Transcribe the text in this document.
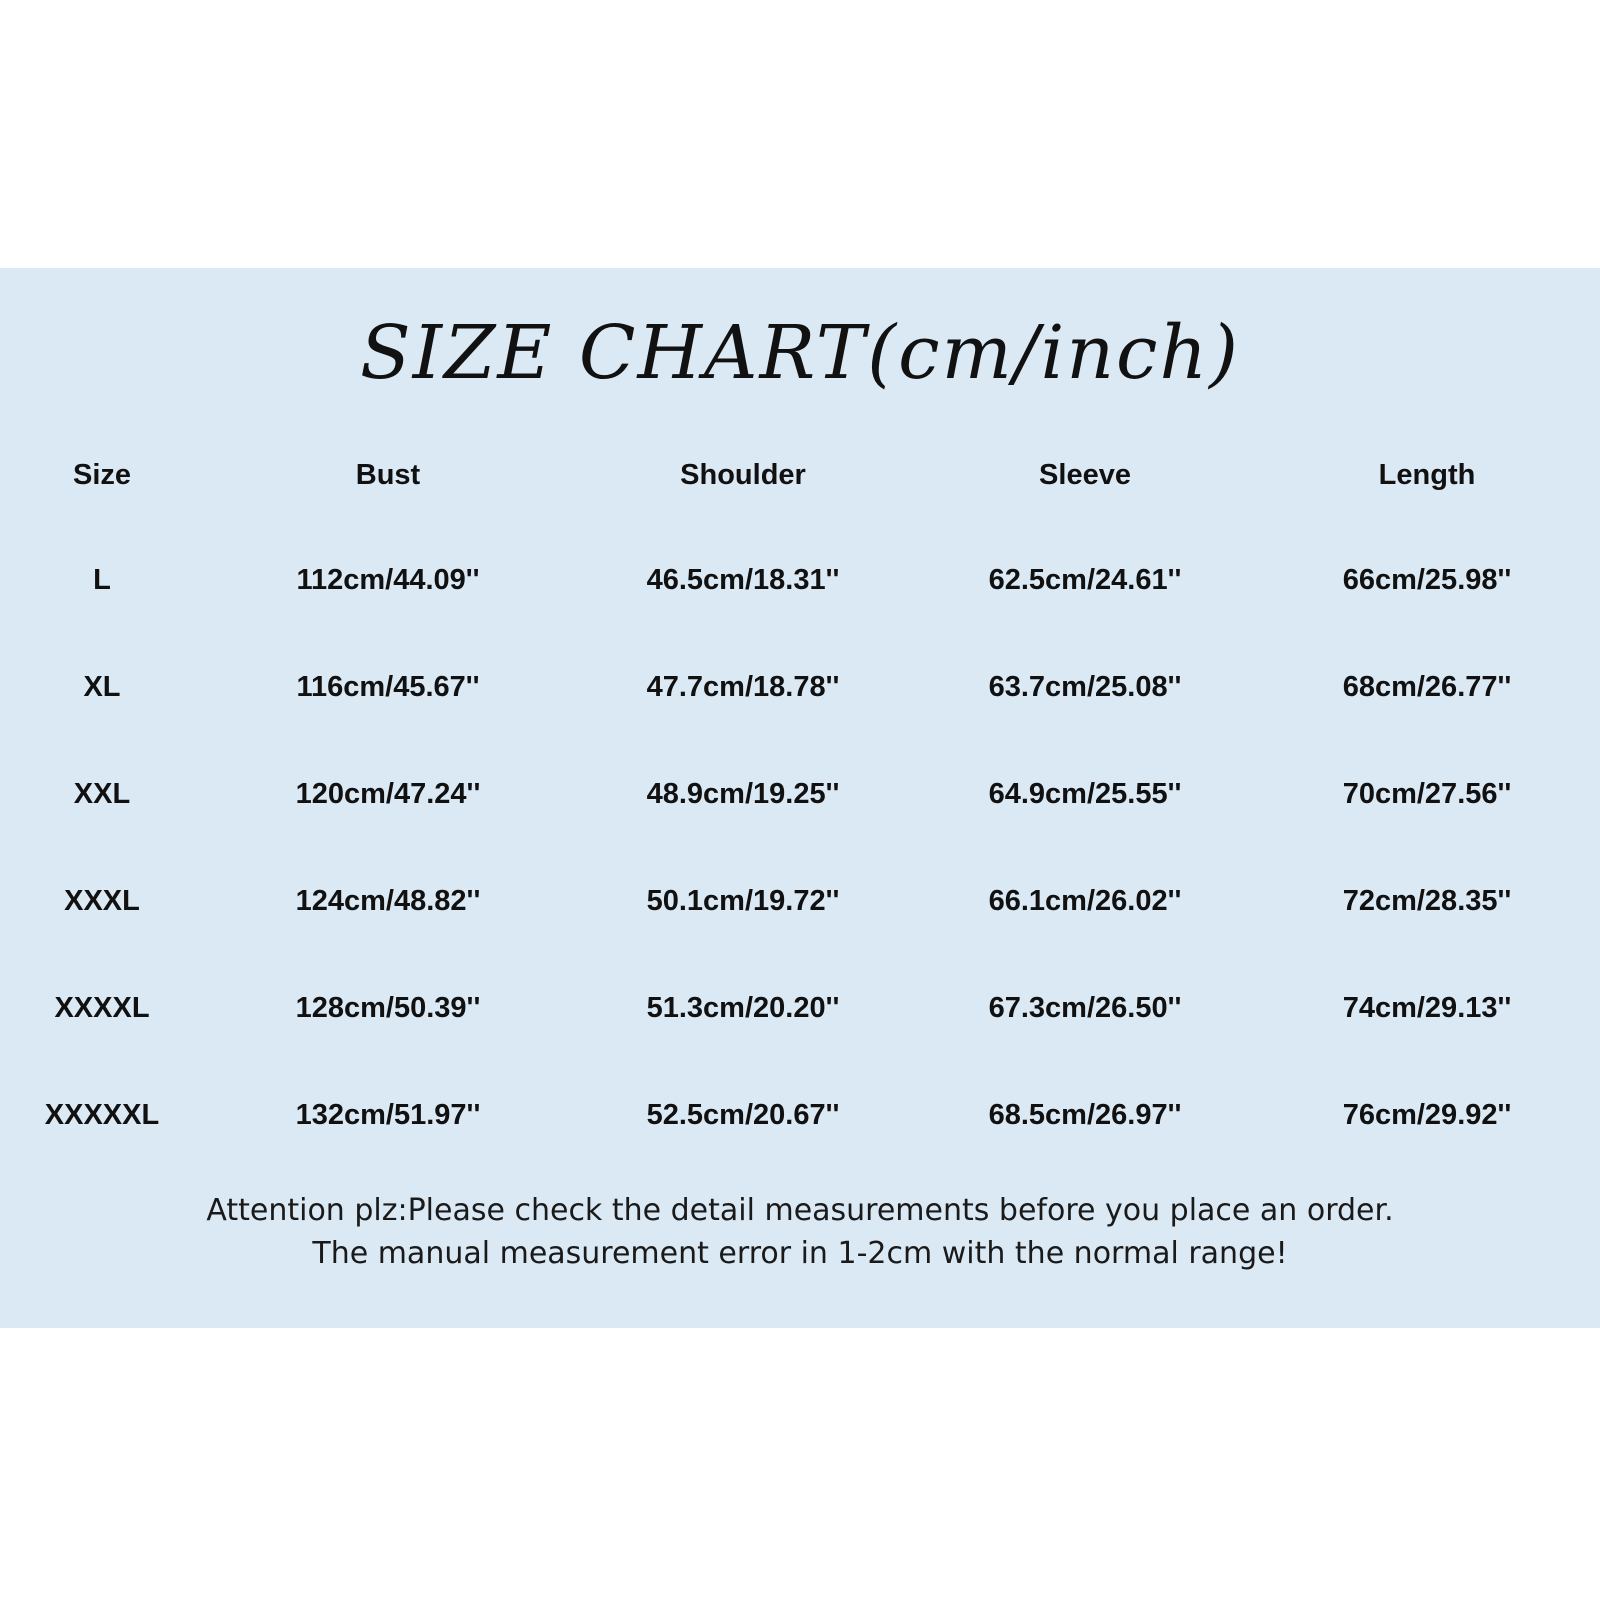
SIZE CHART(cm/inch)
Size	Bust	Shoulder	Sleeve	Length
L	112cm/44.09''	46.5cm/18.31''	62.5cm/24.61''	66cm/25.98''
XL	116cm/45.67''	47.7cm/18.78''	63.7cm/25.08''	68cm/26.77''
XXL	120cm/47.24''	48.9cm/19.25''	64.9cm/25.55''	70cm/27.56''
XXXL	124cm/48.82''	50.1cm/19.72''	66.1cm/26.02''	72cm/28.35''
XXXXL	128cm/50.39''	51.3cm/20.20''	67.3cm/26.50''	74cm/29.13''
XXXXXL	132cm/51.97''	52.5cm/20.67''	68.5cm/26.97''	76cm/29.92''

Attention plz:Please check the detail measurements before you place an order.

The manual measurement error in 1-2cm with the normal range!
